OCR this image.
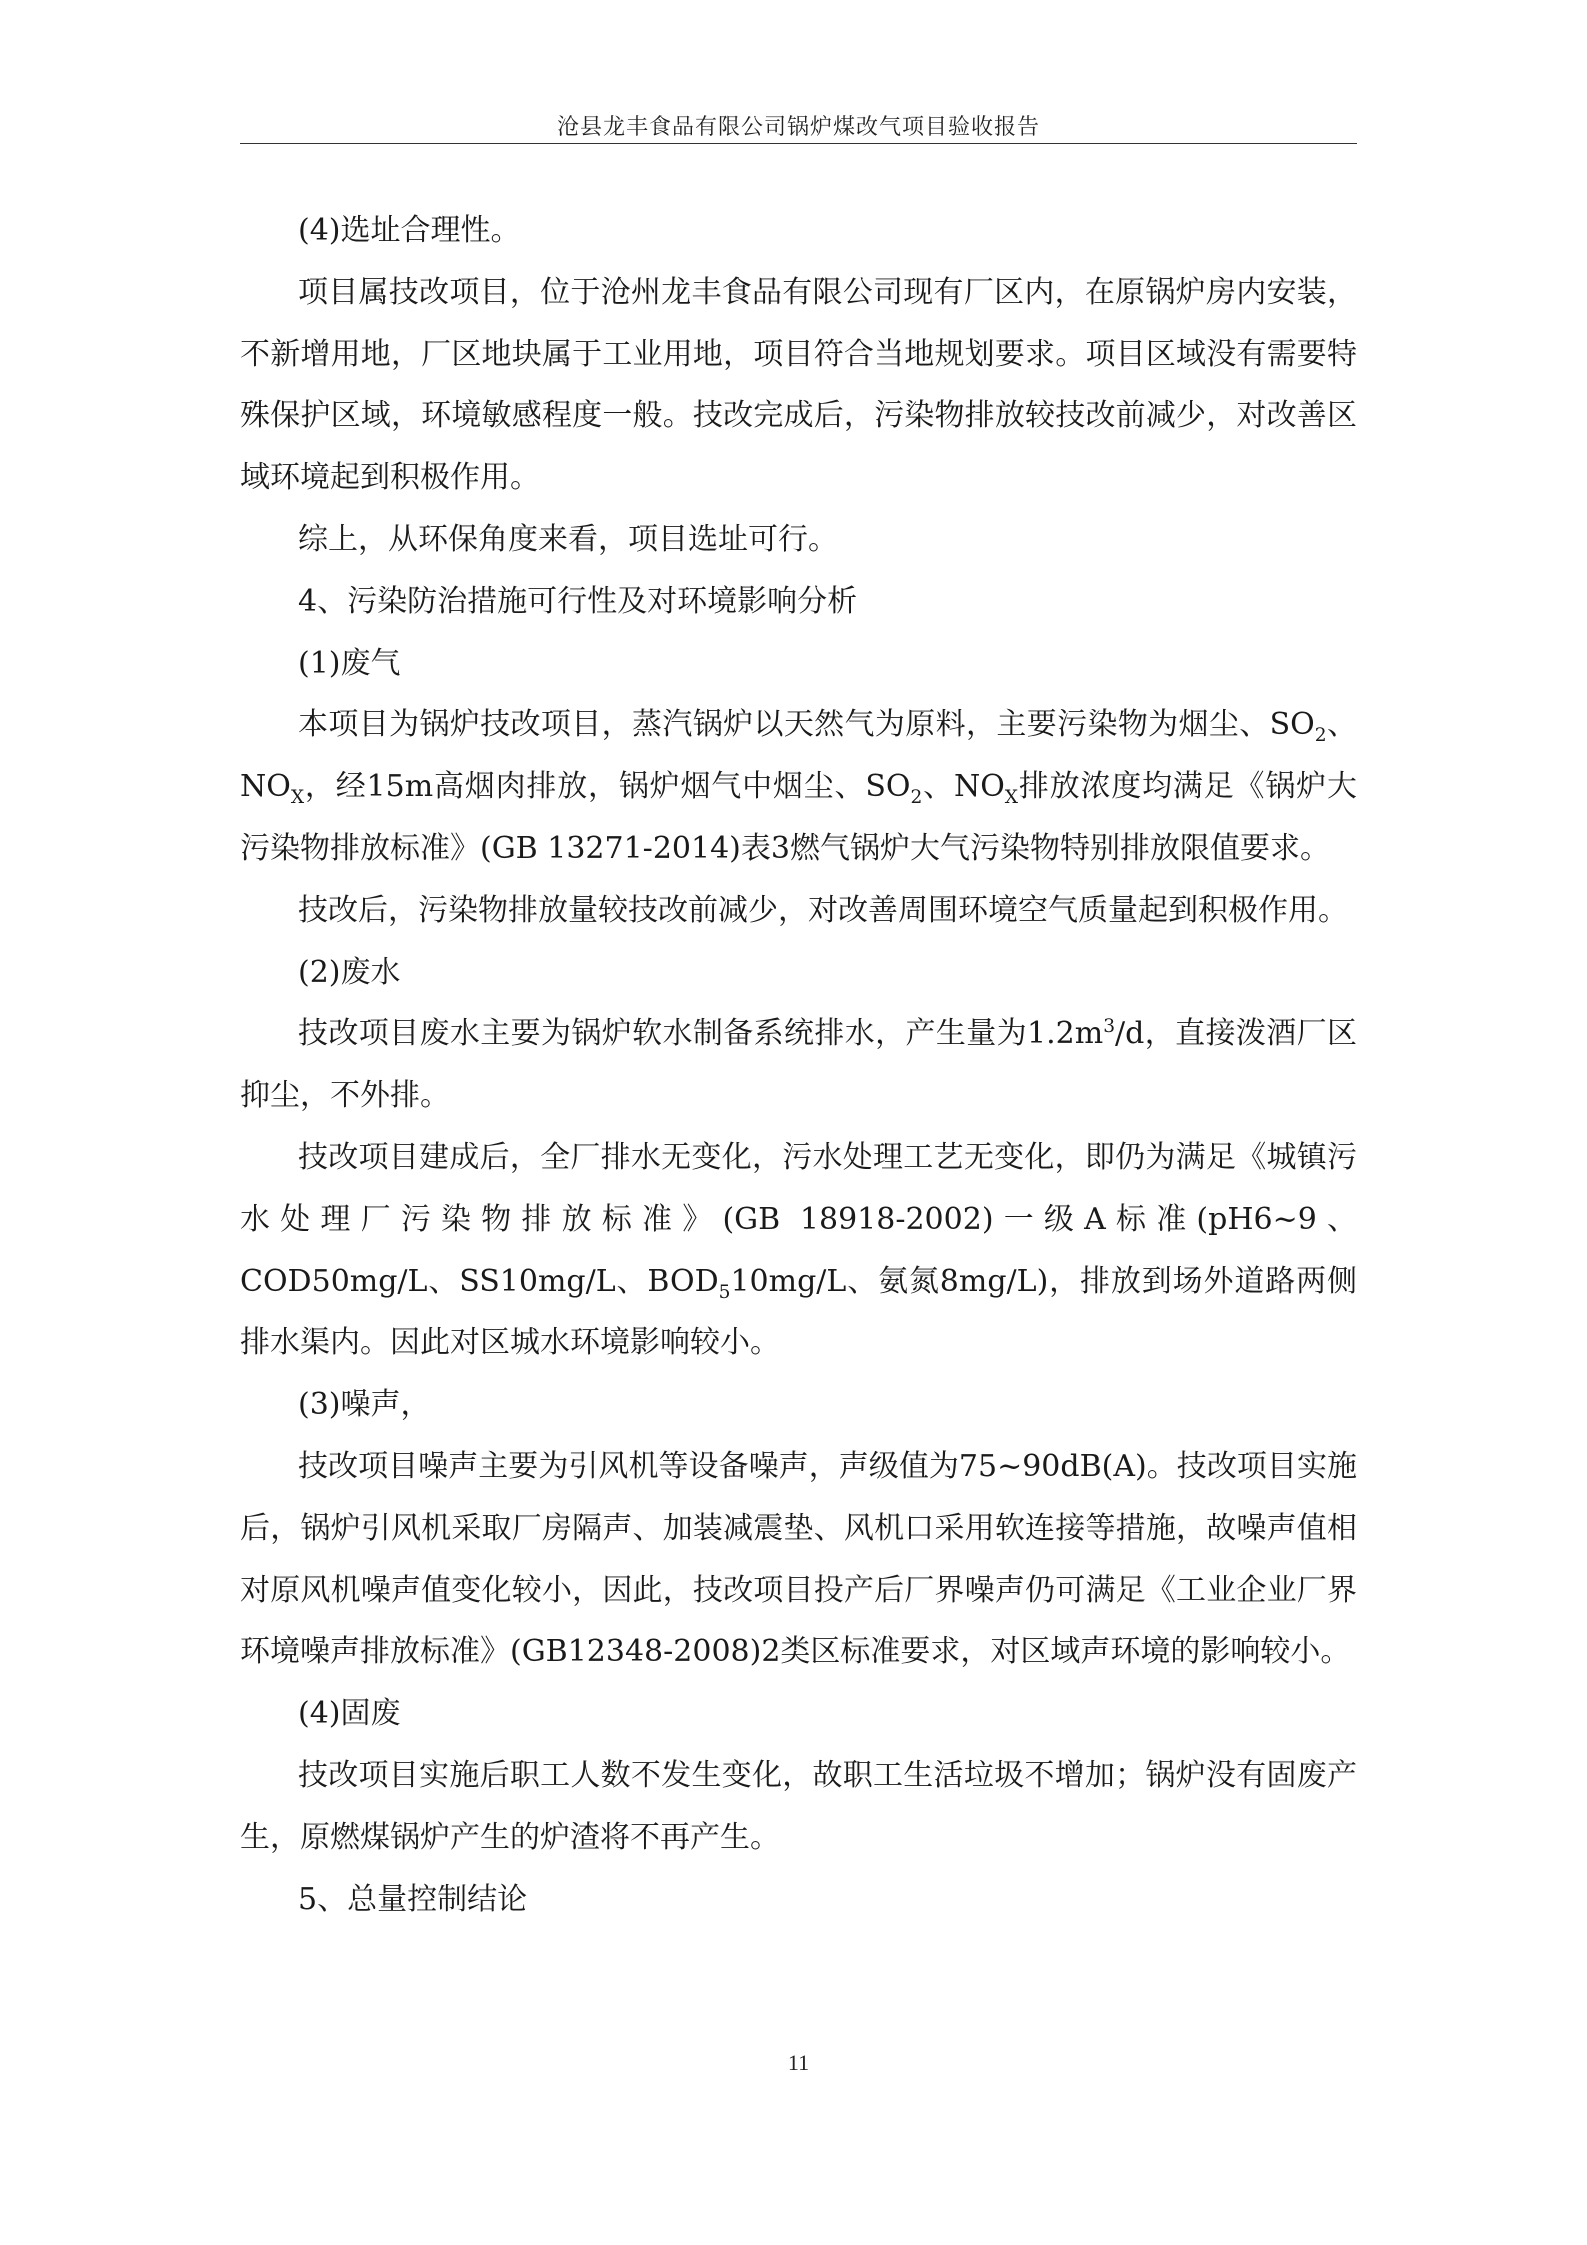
沧县龙丰食品有限公司锅炉煤改气项目验收报告

(4)选址合理性。

项目属技改项目，位于沧州龙丰食品有限公司现有厂区内，在原锅炉房内安装，不新增用地，厂区地块属于工业用地，项目符合当地规划要求。项目区域没有需要特殊保护区域，环境敏感程度一般。技改完成后，污染物排放较技改前减少，对改善区域环境起到积极作用。

综上，从环保角度来看，项目选址可行。

4、污染防治措施可行性及对环境影响分析

(1)废气

本项目为锅炉技改项目，蒸汽锅炉以天然气为原料，主要污染物为烟尘、$SO_2$、$NO_X$，经15m高烟肉排放，锅炉烟气中烟尘、$SO_2$、$NO_X$排放浓度均满足《锅炉大污染物排放标准》(GB 13271-2014)表3燃气锅炉大气污染物特别排放限值要求。

技改后，污染物排放量较技改前减少，对改善周围环境空气质量起到积极作用。

(2)废水

技改项目废水主要为锅炉软水制备系统排水，产生量为$1.2m^3/d$，直接泼酒厂区抑尘，不外排。

技改项目建成后，全厂排水无变化，污水处理工艺无变化，即仍为满足《城镇污水处理厂污染物排放标准》(GB 18918-2002)一级A标准(pH6~9、COD50mg/L、SS10mg/L、$BOD_510mg/L$、氨氮8mg/L)，排放到场外道路两侧排水渠内。因此对区城水环境影响较小。

(3)噪声，

技改项目噪声主要为引风机等设备噪声，声级值为75~90dB(A)。技改项目实施后，锅炉引风机采取厂房隔声、加装减震垫、风机口采用软连接等措施，故噪声值相对原风机噪声值变化较小，因此，技改项目投产后厂界噪声仍可满足《工业企业厂界环境噪声排放标准》(GB12348-2008)2类区标准要求，对区域声环境的影响较小。

(4)固废

技改项目实施后职工人数不发生变化，故职工生活垃圾不增加；锅炉没有固废产生，原燃煤锅炉产生的炉渣将不再产生。

5、总量控制结论

11
